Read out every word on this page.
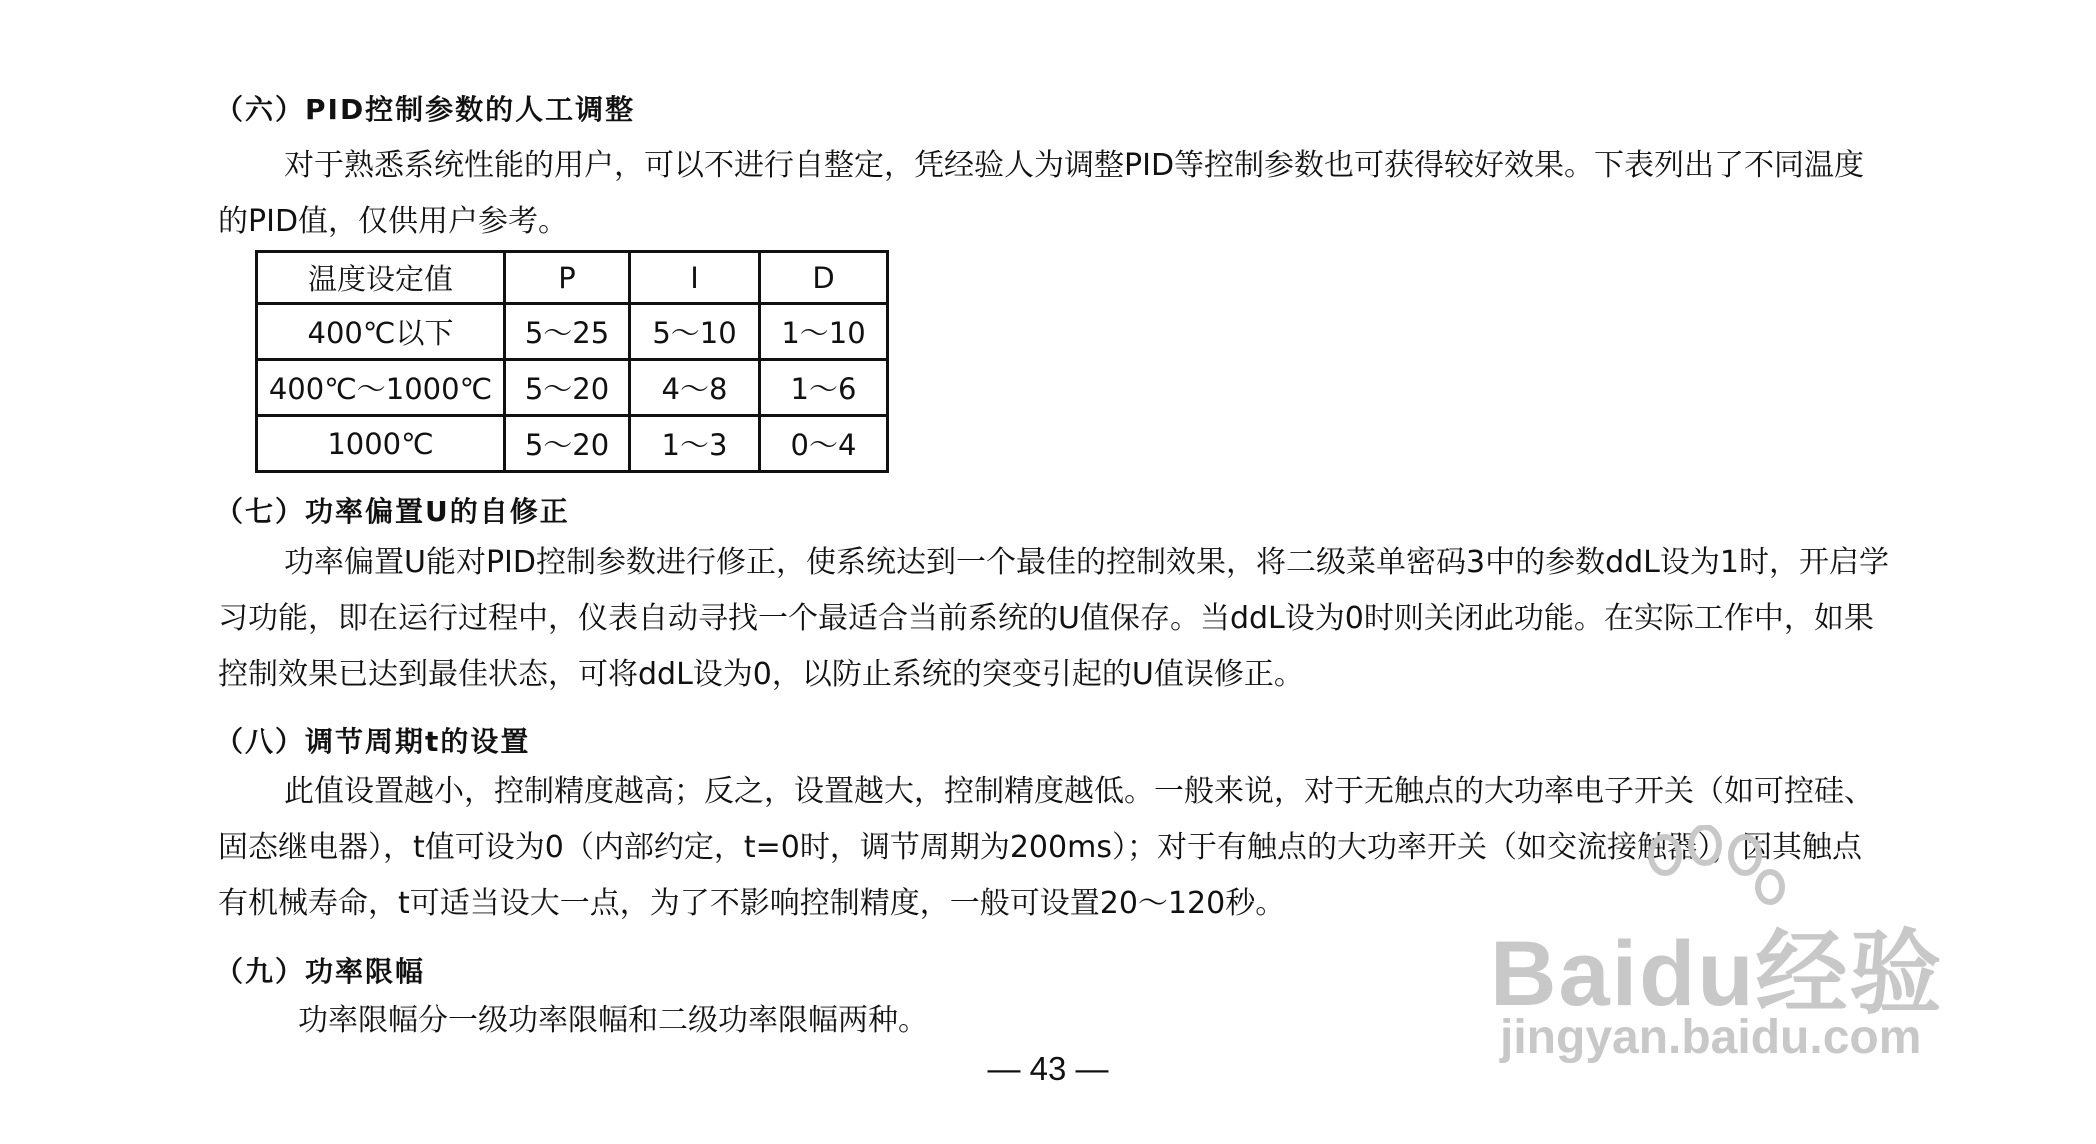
（六）PID控制参数的人工调整
对于熟悉系统性能的用户，可以不进行自整定，凭经验人为调整PID等控制参数也可获得较好效果。下表列出了不同温度
的PID值，仅供用户参考。
温度设定值	P	I	D
400℃以下	5～25	5～10	1～10
400℃～1000℃	5～20	4～8	1～6
1000℃	5～20	1～3	0～4
（七）功率偏置U的自修正
功率偏置U能对PID控制参数进行修正，使系统达到一个最佳的控制效果，将二级菜单密码3中的参数ddL设为1时，开启学
习功能，即在运行过程中，仪表自动寻找一个最适合当前系统的U值保存。当ddL设为0时则关闭此功能。在实际工作中，如果
控制效果已达到最佳状态，可将ddL设为0，以防止系统的突变引起的U值误修正。
（八）调节周期t的设置
此值设置越小，控制精度越高；反之，设置越大，控制精度越低。一般来说，对于无触点的大功率电子开关（如可控硅、
固态继电器），t值可设为0（内部约定，t=0时，调节周期为200ms）；对于有触点的大功率开关（如交流接触器），因其触点
有机械寿命，t可适当设大一点，为了不影响控制精度，一般可设置20～120秒。
（九）功率限幅
功率限幅分一级功率限幅和二级功率限幅两种。
— 43 —
Baidu经验
jingyan.baidu.com
